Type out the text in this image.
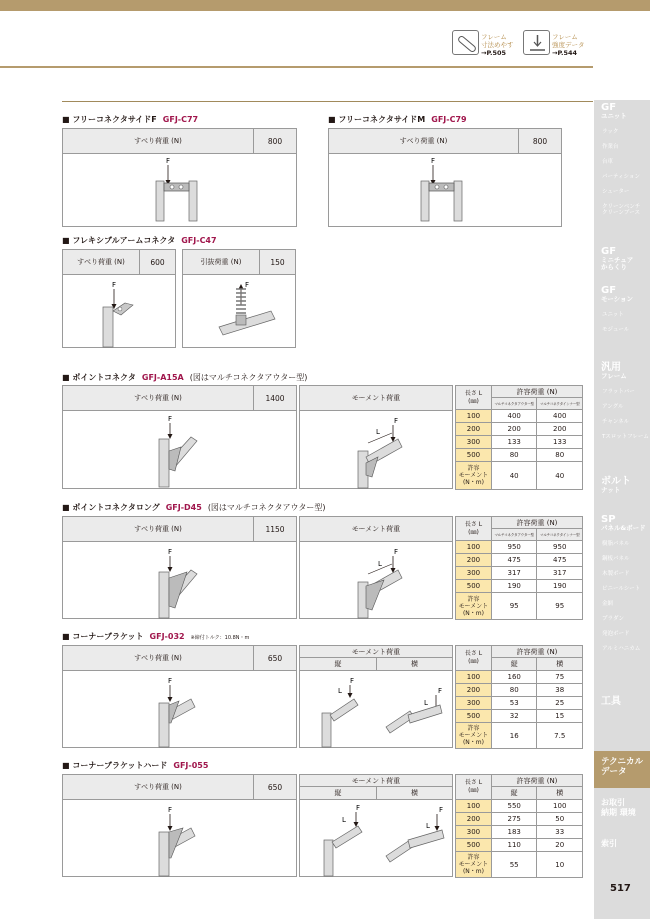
フレーム
寸法めやす
→P.505
フレーム
強度データ
→P.544
GF
ユニット
ラック
作業台
台車
パーティション
シューター
クリーンベンチ
クリーンブース
GF
ミニチュア
からくり
GF
モーション
ユニット
モジュール
汎用
フレーム
フラットバー
アングル
チャンネル
Tスロットフレーム
ボルト
ナット
SP
パネル&ボード
樹脂パネル
鋼板パネル
木製ボード
ビニールシート
金網
プラダン
発泡ボード
アルミハニカム
工具
テクニカル
データ
お取引
納期 環境
索引
■ フリーコネクタサイドF GFJ-C77
すべり荷重 (N)	800
F
■ フリーコネクタサイドM GFJ-C79
すべり荷重 (N)	800
F
■ フレキシブルアームコネクタ GFJ-C47
すべり荷重 (N)	600
F
引抜荷重 (N)	150
F
■ ポイントコネクタ GFJ-A15A (図はマルチコネクタアウター型)
すべり荷重 (N)	1400
F
モーメント荷重
F
L
長さ L
(㎜)	許容荷重 (N)	
	マルチコネクタアウター型	マルチコネクタインナー型
100	400	400
200	200	200
300	133	133
500	80	80
許容
モーメント
(N・m)	40	40
■ ポイントコネクタロング GFJ-D45 (図はマルチコネクタアウター型)
すべり荷重 (N)	1150
F
モーメント荷重
F
L
長さ L
(㎜)	許容荷重 (N)	
	マルチコネクタアウター型	マルチコネクタインナー型
100	950	950
200	475	475
300	317	317
500	190	190
許容
モーメント
(N・m)	95	95
■ コーナーブラケット GFJ-032 ※締付トルク：10.8N・m
すべり荷重 (N)	650
F
モーメント荷重
縦	横
F
L	F
L
長さ L
(㎜)	許容荷重 (N)	
	縦	横
100	160	75
200	80	38
300	53	25
500	32	15
許容
モーメント
(N・m)	16	7.5
■ コーナーブラケットハード GFJ-055
すべり荷重 (N)	650
F
モーメント荷重
縦	横
F
L
F
L
長さ L
(㎜)	許容荷重 (N)	
	縦	横
100	550	100
200	275	50
300	183	33
500	110	20
許容
モーメント
(N・m)	55	10
517
